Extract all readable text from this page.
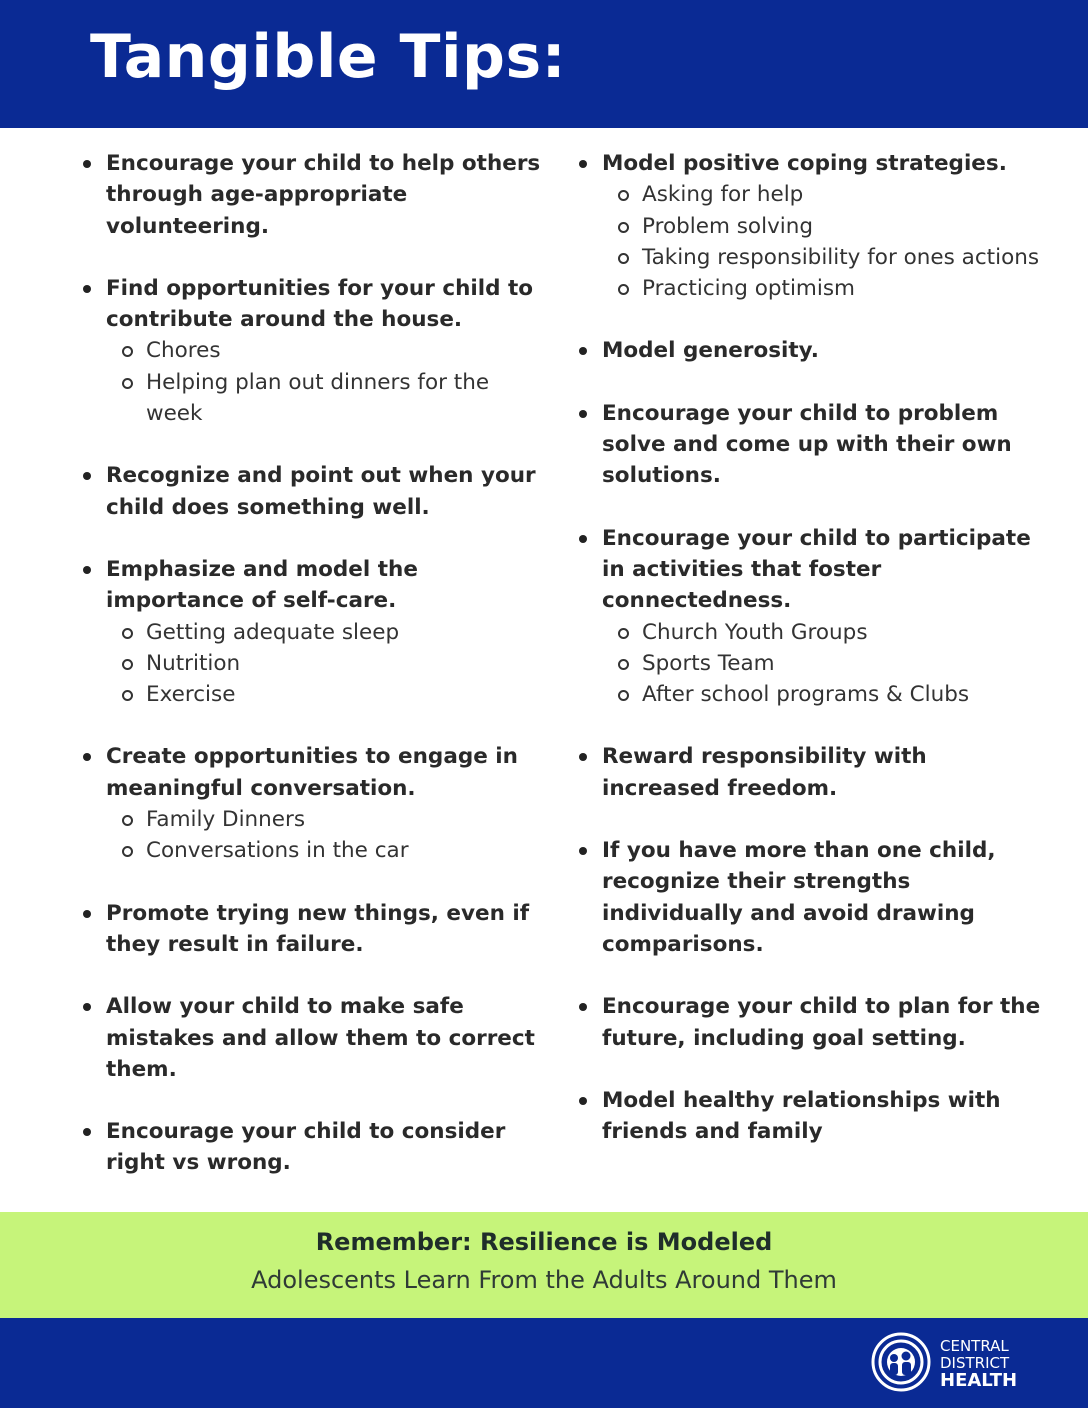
Tangible Tips:
Encourage your child to help others through age-appropriate volunteering.
Find opportunities for your child to contribute around the house.
Chores
Helping plan out dinners for the week
Recognize and point out when your child does something well.
Emphasize and model the importance of self-care.
Getting adequate sleep
Nutrition
Exercise
Create opportunities to engage in meaningful conversation.
Family Dinners
Conversations in the car
Promote trying new things, even if they result in failure.
Allow your child to make safe mistakes and allow them to correct them.
Encourage your child to consider right vs wrong.
Model positive coping strategies.
Asking for help
Problem solving
Taking responsibility for ones actions
Practicing optimism
Model generosity.
Encourage your child to problem solve and come up with their own solutions.
Encourage your child to participate in activities that foster connectedness.
Church Youth Groups
Sports Team
After school programs & Clubs
Reward responsibility with increased freedom.
If you have more than one child, recognize their strengths individually and avoid drawing comparisons.
Encourage your child to plan for the future, including goal setting.
Model healthy relationships with friends and family
Remember: Resilience is Modeled
Adolescents Learn From the Adults Around Them
CENTRAL
DISTRICT
HEALTH
